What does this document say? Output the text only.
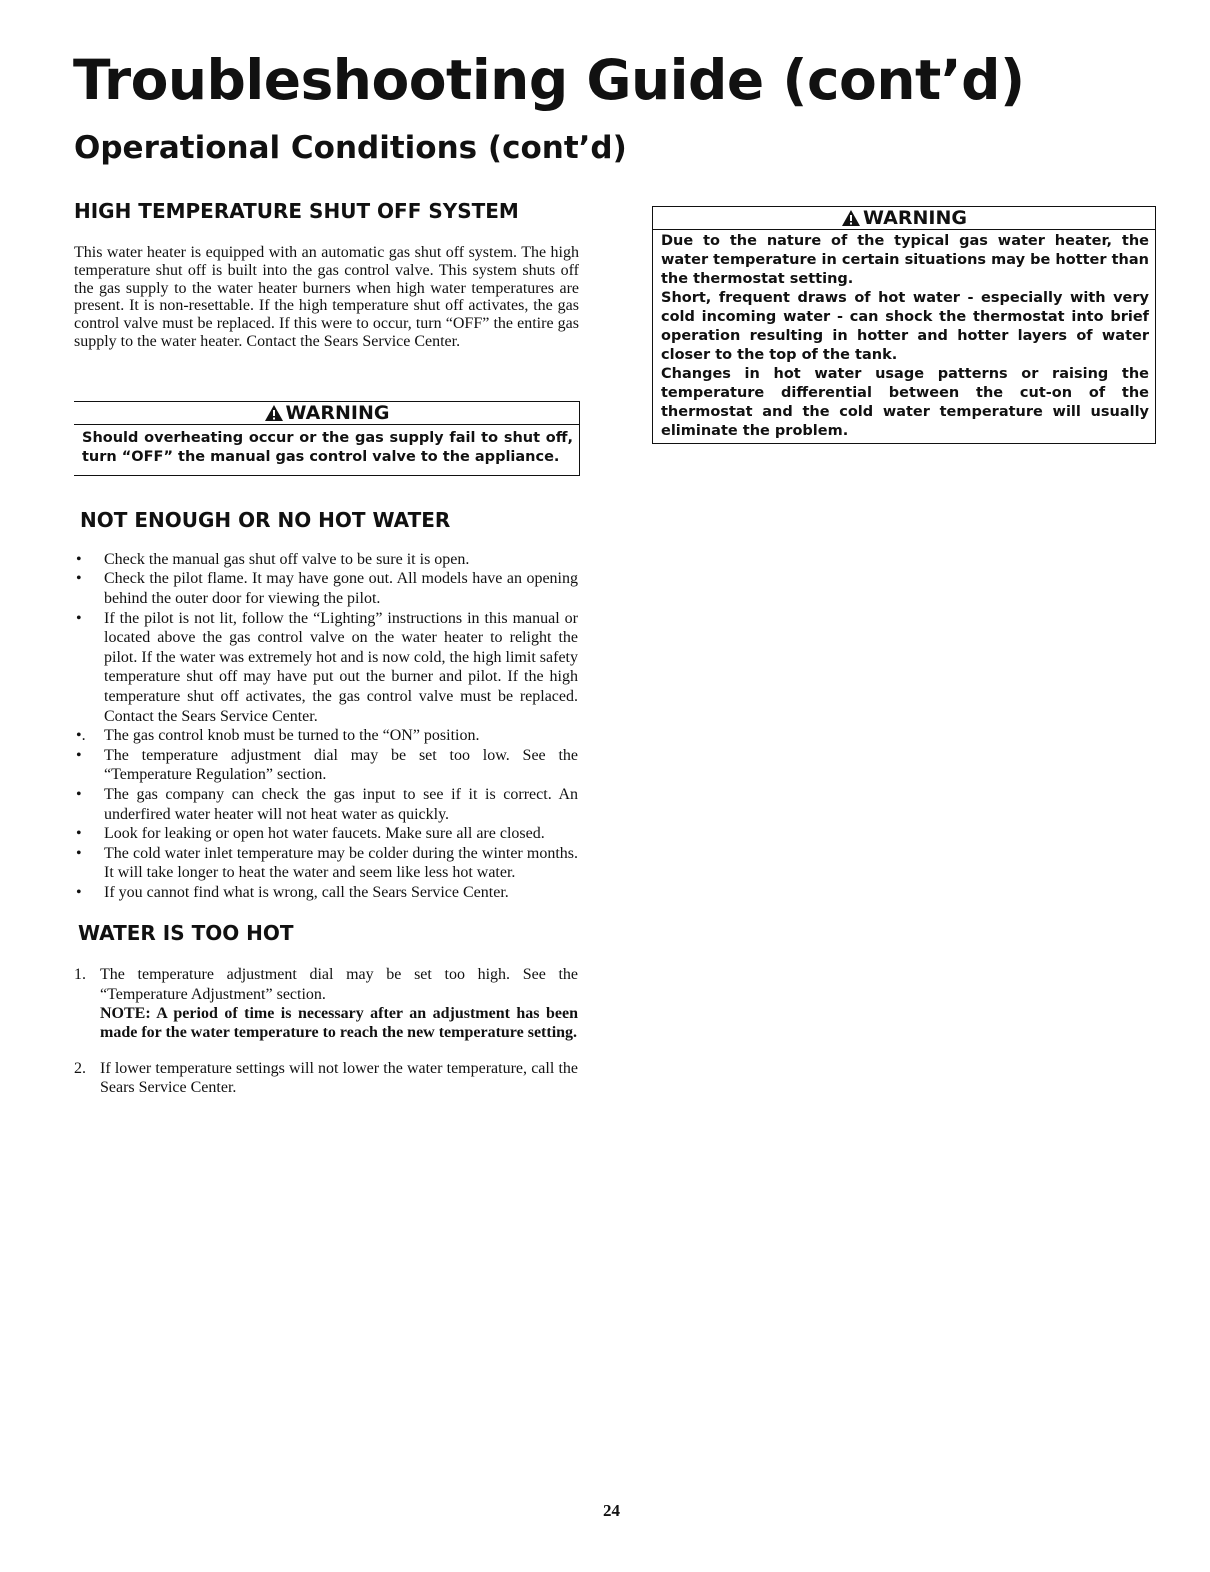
Troubleshooting Guide (cont’d)
Operational Conditions (cont’d)
HIGH TEMPERATURE SHUT OFF SYSTEM

This water heater is equipped with an automatic gas shut off system. The high temperature shut off is built into the gas control valve. This system shuts off the gas supply to the water heater burners when high water temperatures are present. It is non-resettable. If the high temperature shut off activates, the gas control valve must be replaced. If this were to occur, turn “OFF” the entire gas supply to the water heater. Contact the Sears Service Center.

WARNING

Should overheating occur or the gas supply fail to shut off, turn “OFF” the manual gas control valve to the appliance.

NOT ENOUGH OR NO HOT WATER
• Check the manual gas shut off valve to be sure it is open.
• Check the pilot flame. It may have gone out. All models have an opening behind the outer door for viewing the pilot.
• If the pilot is not lit, follow the “Lighting” instructions in this manual or located above the gas control valve on the water heater to relight the pilot. If the water was extremely hot and is now cold, the high limit safety temperature shut off may have put out the burner and pilot. If the high temperature shut off activates, the gas control valve must be replaced. Contact the Sears Service Center.
•. The gas control knob must be turned to the “ON” position.
• The temperature adjustment dial may be set too low. See the “Temperature Regulation” section.
• The gas company can check the gas input to see if it is correct. An underfired water heater will not heat water as quickly.
• Look for leaking or open hot water faucets. Make sure all are closed.
• The cold water inlet temperature may be colder during the winter months. It will take longer to heat the water and seem like less hot water.
• If you cannot find what is wrong, call the Sears Service Center.
WATER IS TOO HOT
1. The temperature adjustment dial may be set too high. See the “Temperature Adjustment” section.
NOTE: A period of time is necessary after an adjustment has been made for the water temperature to reach the new temperature setting.
2. If lower temperature settings will not lower the water temperature, call the Sears Service Center.
WARNING

Due to the nature of the typical gas water heater, the water temperature in certain situations may be hotter than the thermostat setting.

Short, frequent draws of hot water - especially with very cold incoming water - can shock the thermostat into brief operation resulting in hotter and hotter layers of water closer to the top of the tank.

Changes in hot water usage patterns or raising the temperature differential between the cut-on of the thermostat and the cold water temperature will usually eliminate the problem.

24
